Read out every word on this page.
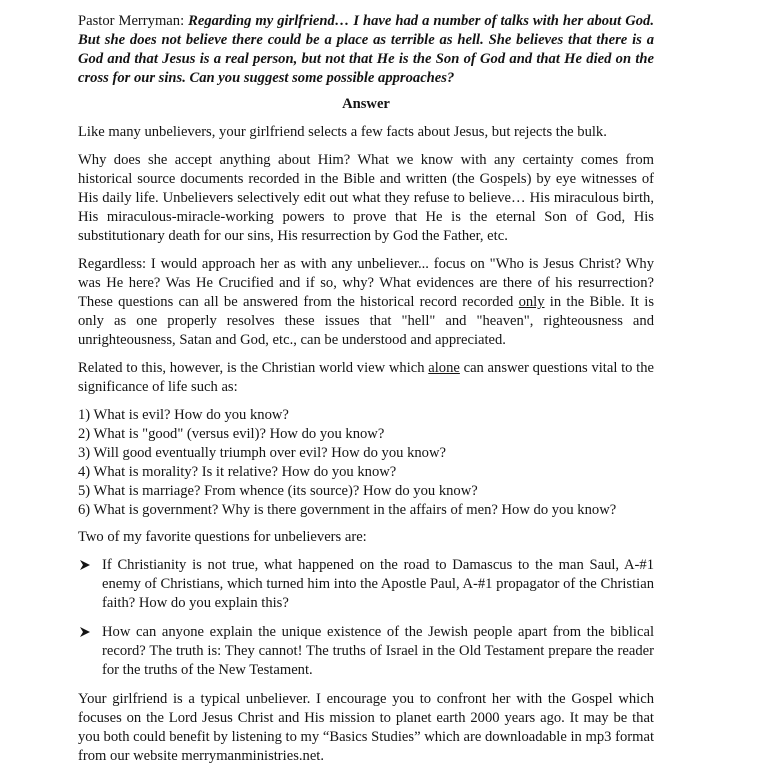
Pastor Merryman: Regarding my girlfriend… I have had a number of talks with her about God. But she does not believe there could be a place as terrible as hell. She believes that there is a God and that Jesus is a real person, but not that He is the Son of God and that He died on the cross for our sins. Can you suggest some possible approaches?

Answer

Like many unbelievers, your girlfriend selects a few facts about Jesus, but rejects the bulk.

Why does she accept anything about Him? What we know with any certainty comes from historical source documents recorded in the Bible and written (the Gospels) by eye witnesses of His daily life. Unbelievers selectively edit out what they refuse to believe… His miraculous birth, His miraculous-miracle-working powers to prove that He is the eternal Son of God, His substitutionary death for our sins, His resurrection by God the Father, etc.

Regardless: I would approach her as with any unbeliever... focus on "Who is Jesus Christ? Why was He here? Was He Crucified and if so, why? What evidences are there of his resurrection? These questions can all be answered from the historical record recorded only in the Bible. It is only as one properly resolves these issues that "hell" and "heaven", righteousness and unrighteousness, Satan and God, etc., can be understood and appreciated.

Related to this, however, is the Christian world view which alone can answer questions vital to the significance of life such as:

1) What is evil? How do you know?
2) What is "good" (versus evil)? How do you know?
3) Will good eventually triumph over evil? How do you know?
4) What is morality? Is it relative? How do you know?
5) What is marriage? From whence (its source)? How do you know?
6) What is government? Why is there government in the affairs of men? How do you know?

Two of my favorite questions for unbelievers are:

If Christianity is not true, what happened on the road to Damascus to the man Saul, A-#1 enemy of Christians, which turned him into the Apostle Paul, A-#1 propagator of the Christian faith? How do you explain this?
How can anyone explain the unique existence of the Jewish people apart from the biblical record? The truth is: They cannot! The truths of Israel in the Old Testament prepare the reader for the truths of the New Testament.

Your girlfriend is a typical unbeliever. I encourage you to confront her with the Gospel which focuses on the Lord Jesus Christ and His mission to planet earth 2000 years ago. It may be that you both could benefit by listening to my “Basics Studies” which are downloadable in mp3 format from our website merrymanministries.net.
